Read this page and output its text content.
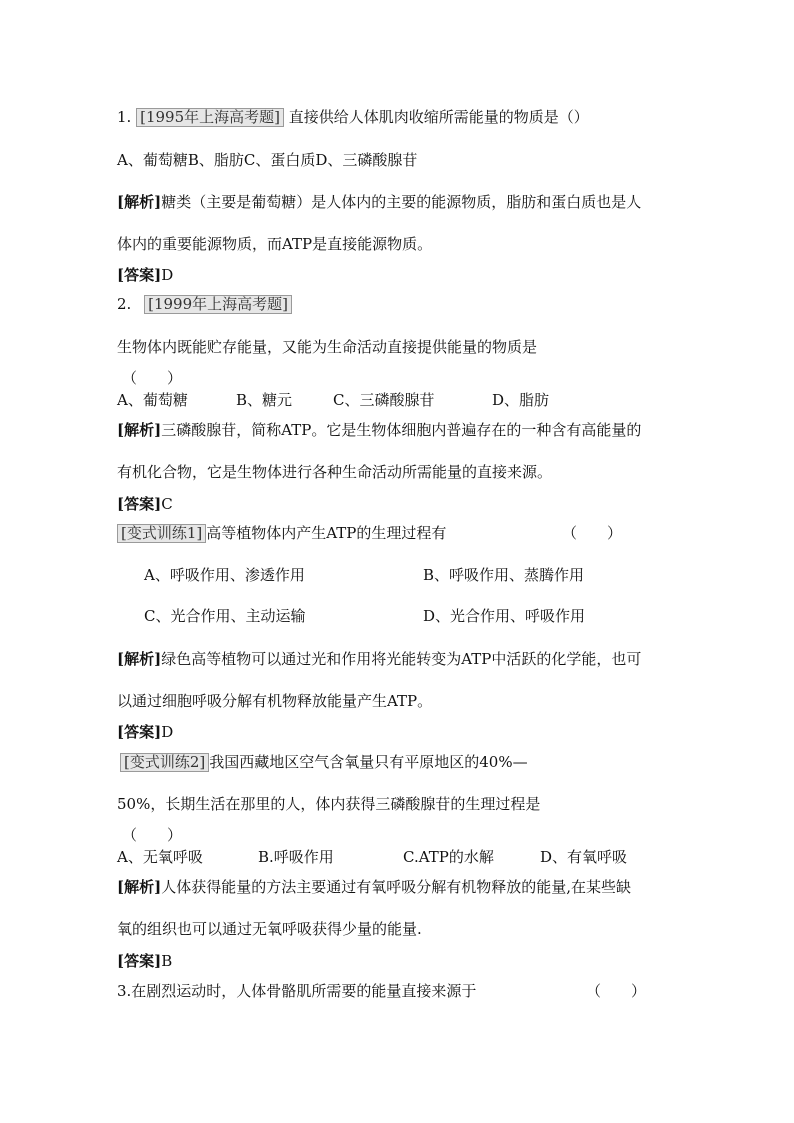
1. [1995年上海高考题] 直接供给人体肌肉收缩所需能量的物质是（）
A、葡萄糖B、脂肪C、蛋白质D、三磷酸腺苷
[解析]糖类（主要是葡萄糖）是人体内的主要的能源物质，脂肪和蛋白质也是人
体内的重要能源物质，而ATP是直接能源物质。
[答案]D
2. [1999年上海高考题]
生物体内既能贮存能量，又能为生命活动直接提供能量的物质是
（　　）
A、葡萄糖	B、糖元	C、三磷酸腺苷	D、脂肪
[解析]三磷酸腺苷，简称ATP。它是生物体细胞内普遍存在的一种含有高能量的
有机化合物，它是生物体进行各种生命活动所需能量的直接来源。
[答案]C
[变式训练1] 高等植物体内产生ATP的生理过程有	（　　）
A、呼吸作用、渗透作用	B、呼吸作用、蒸腾作用
C、光合作用、主动运输	D、光合作用、呼吸作用
[解析]绿色高等植物可以通过光和作用将光能转变为ATP中活跃的化学能，也可
以通过细胞呼吸分解有机物释放能量产生ATP。
[答案]D
[变式训练2] 我国西藏地区空气含氧量只有平原地区的40%—
50%，长期生活在那里的人，体内获得三磷酸腺苷的生理过程是
（　　）
A、无氧呼吸	B.呼吸作用	C.ATP的水解	D、有氧呼吸
[解析]人体获得能量的方法主要通过有氧呼吸分解有机物释放的能量,在某些缺
氧的组织也可以通过无氧呼吸获得少量的能量.
[答案]B
3.在剧烈运动时，人体骨骼肌所需要的能量直接来源于	（　　）
